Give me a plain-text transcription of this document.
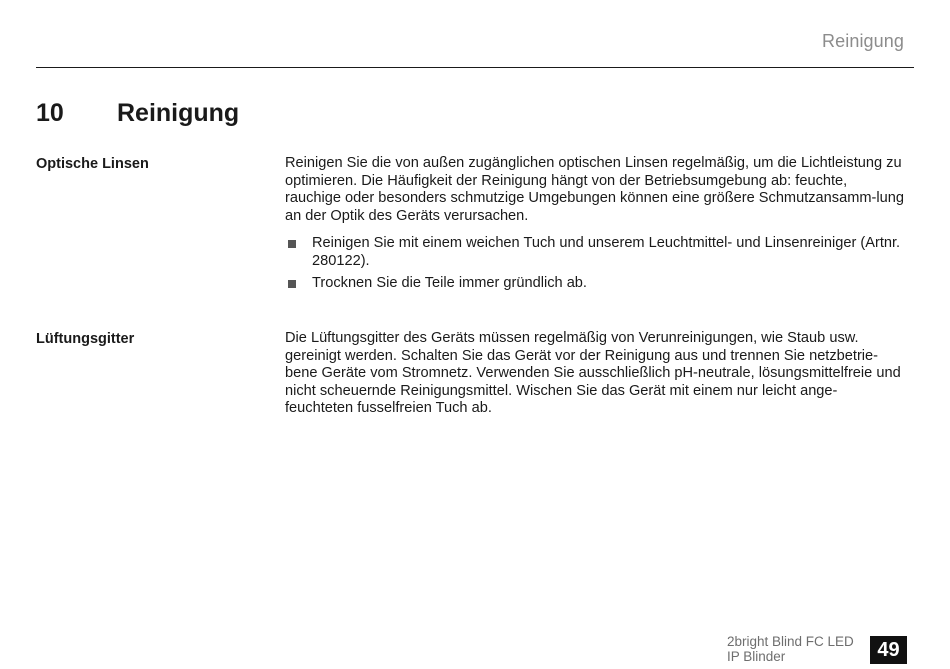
Reinigung
10 Reinigung
Optische Linsen	Reinigen Sie die von außen zugänglichen optischen Linsen regelmäßig, um die Lichtleistung zu optimieren. Die Häufigkeit der Reinigung hängt von der Betriebsumgebung ab: feuchte, rauchige oder besonders schmutzige Umgebungen können eine größere Schmutzansamm-lung an der Optik des Geräts verursachen.

Reinigen Sie mit einem weichen Tuch und unserem Leuchtmittel- und Linsenreiniger (Artnr. 280122).
Trocknen Sie die Teile immer gründlich ab.
Lüftungsgitter	Die Lüftungsgitter des Geräts müssen regelmäßig von Verunreinigungen, wie Staub usw. gereinigt werden. Schalten Sie das Gerät vor der Reinigung aus und trennen Sie netzbetrie-bene Geräte vom Stromnetz. Verwenden Sie ausschließlich pH-neutrale, lösungsmittelfreie und nicht scheuernde Reinigungsmittel. Wischen Sie das Gerät mit einem nur leicht ange-feuchteten fusselfreien Tuch ab.

2bright Blind FC LED IP Blinder	49
